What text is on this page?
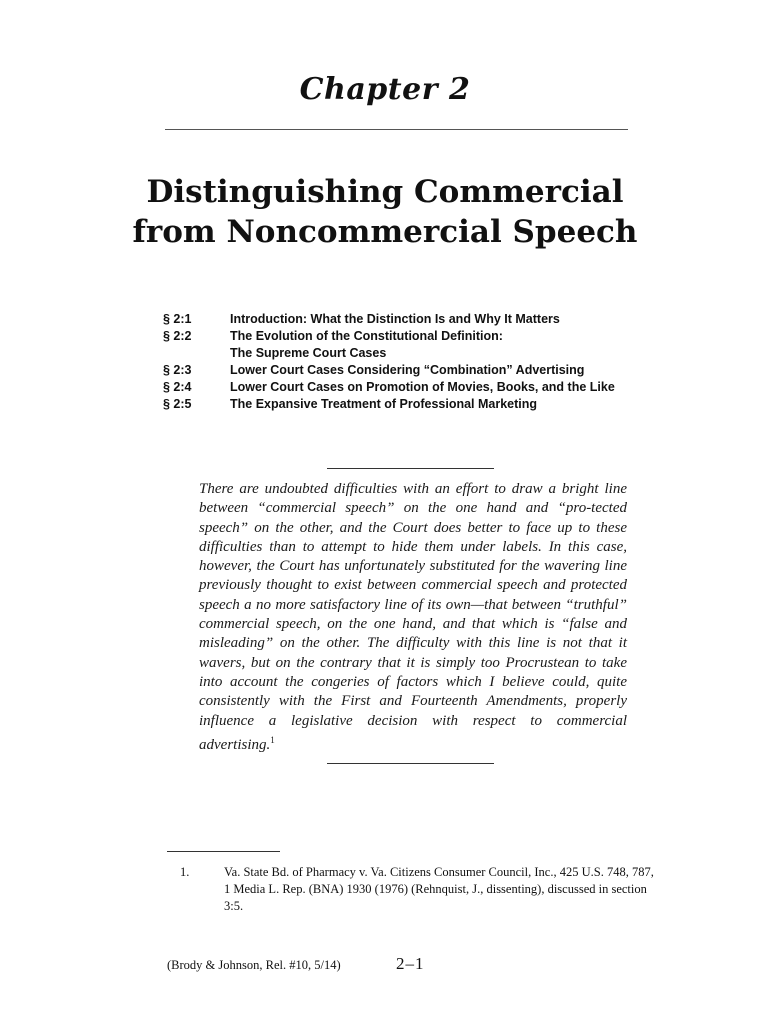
Chapter 2
Distinguishing Commercial
from Noncommercial Speech
§ 2:1	Introduction: What the Distinction Is and Why It Matters
§ 2:2	The Evolution of the Constitutional Definition:
The Supreme Court Cases
§ 2:3	Lower Court Cases Considering “Combination” Advertising
§ 2:4	Lower Court Cases on Promotion of Movies, Books, and the Like
§ 2:5	The Expansive Treatment of Professional Marketing
There are undoubted difficulties with an effort to draw a bright line between “commercial speech” on the one hand and “pro-tected speech” on the other, and the Court does better to face up to these difficulties than to attempt to hide them under labels. In this case, however, the Court has unfortunately substituted for the wavering line previously thought to exist between commercial speech and protected speech a no more satisfactory line of its own—that between “truthful” commercial speech, on the one hand, and that which is “false and misleading” on the other. The difficulty with this line is not that it wavers, but on the contrary that it is simply too Procrustean to take into account the congeries of factors which I believe could, quite consistently with the First and Fourteenth Amendments, properly influence a legislative decision with respect to commercial advertising.$^1$
1.	Va. State Bd. of Pharmacy v. Va. Citizens Consumer Council, Inc., 425 U.S. 748, 787, 1 Media L. Rep. (BNA) 1930 (1976) (Rehnquist, J., dissenting), discussed in section 3:5.
(Brody & Johnson, Rel. #10, 5/14)	2–1
